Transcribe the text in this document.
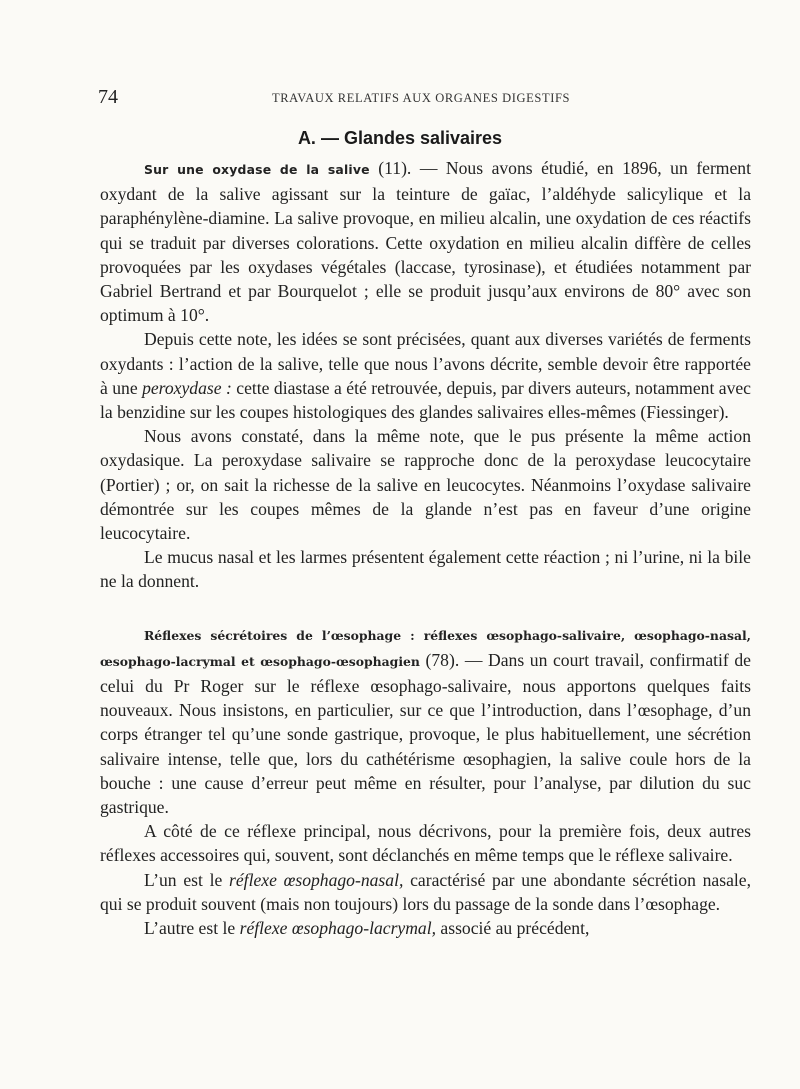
74	TRAVAUX RELATIFS AUX ORGANES DIGESTIFS
A. — Glandes salivaires

Sur une oxydase de la salive (11). — Nous avons étudié, en 1896, un ferment oxydant de la salive agissant sur la teinture de gaïac, l’aldéhyde salicylique et la paraphénylène-diamine. La salive provoque, en milieu alcalin, une oxydation de ces réactifs qui se traduit par diverses colorations. Cette oxydation en milieu alcalin diffère de celles provoquées par les oxydases végétales (laccase, tyrosinase), et étudiées notamment par Gabriel Bertrand et par Bourquelot ; elle se produit jusqu’aux environs de 80° avec son optimum à 10°.

Depuis cette note, les idées se sont précisées, quant aux diverses variétés de ferments oxydants : l’action de la salive, telle que nous l’avons décrite, semble devoir être rapportée à une peroxydase : cette diastase a été retrouvée, depuis, par divers auteurs, notamment avec la benzidine sur les coupes histologiques des glandes salivaires elles-mêmes (Fiessinger).

Nous avons constaté, dans la même note, que le pus présente la même action oxydasique. La peroxydase salivaire se rapproche donc de la peroxydase leucocytaire (Portier) ; or, on sait la richesse de la salive en leucocytes. Néanmoins l’oxydase salivaire démontrée sur les coupes mêmes de la glande n’est pas en faveur d’une origine leucocytaire.

Le mucus nasal et les larmes présentent également cette réaction ; ni l’urine, ni la bile ne la donnent.

Réflexes sécrétoires de l’œsophage : réflexes œsophago-salivaire, œsophago-nasal, œsophago-lacrymal et œsophago-œsophagien (78). — Dans un court travail, confirmatif de celui du Pr Roger sur le réflexe œsophago-salivaire, nous apportons quelques faits nouveaux. Nous insistons, en particulier, sur ce que l’introduction, dans l’œsophage, d’un corps étranger tel qu’une sonde gastrique, provoque, le plus habituellement, une sécrétion salivaire intense, telle que, lors du cathétérisme œsophagien, la salive coule hors de la bouche : une cause d’erreur peut même en résulter, pour l’analyse, par dilution du suc gastrique.

A côté de ce réflexe principal, nous décrivons, pour la première fois, deux autres réflexes accessoires qui, souvent, sont déclanchés en même temps que le réflexe salivaire.

L’un est le réflexe œsophago-nasal, caractérisé par une abondante sécrétion nasale, qui se produit souvent (mais non toujours) lors du passage de la sonde dans l’œsophage.

L’autre est le réflexe œsophago-lacrymal, associé au précédent,
